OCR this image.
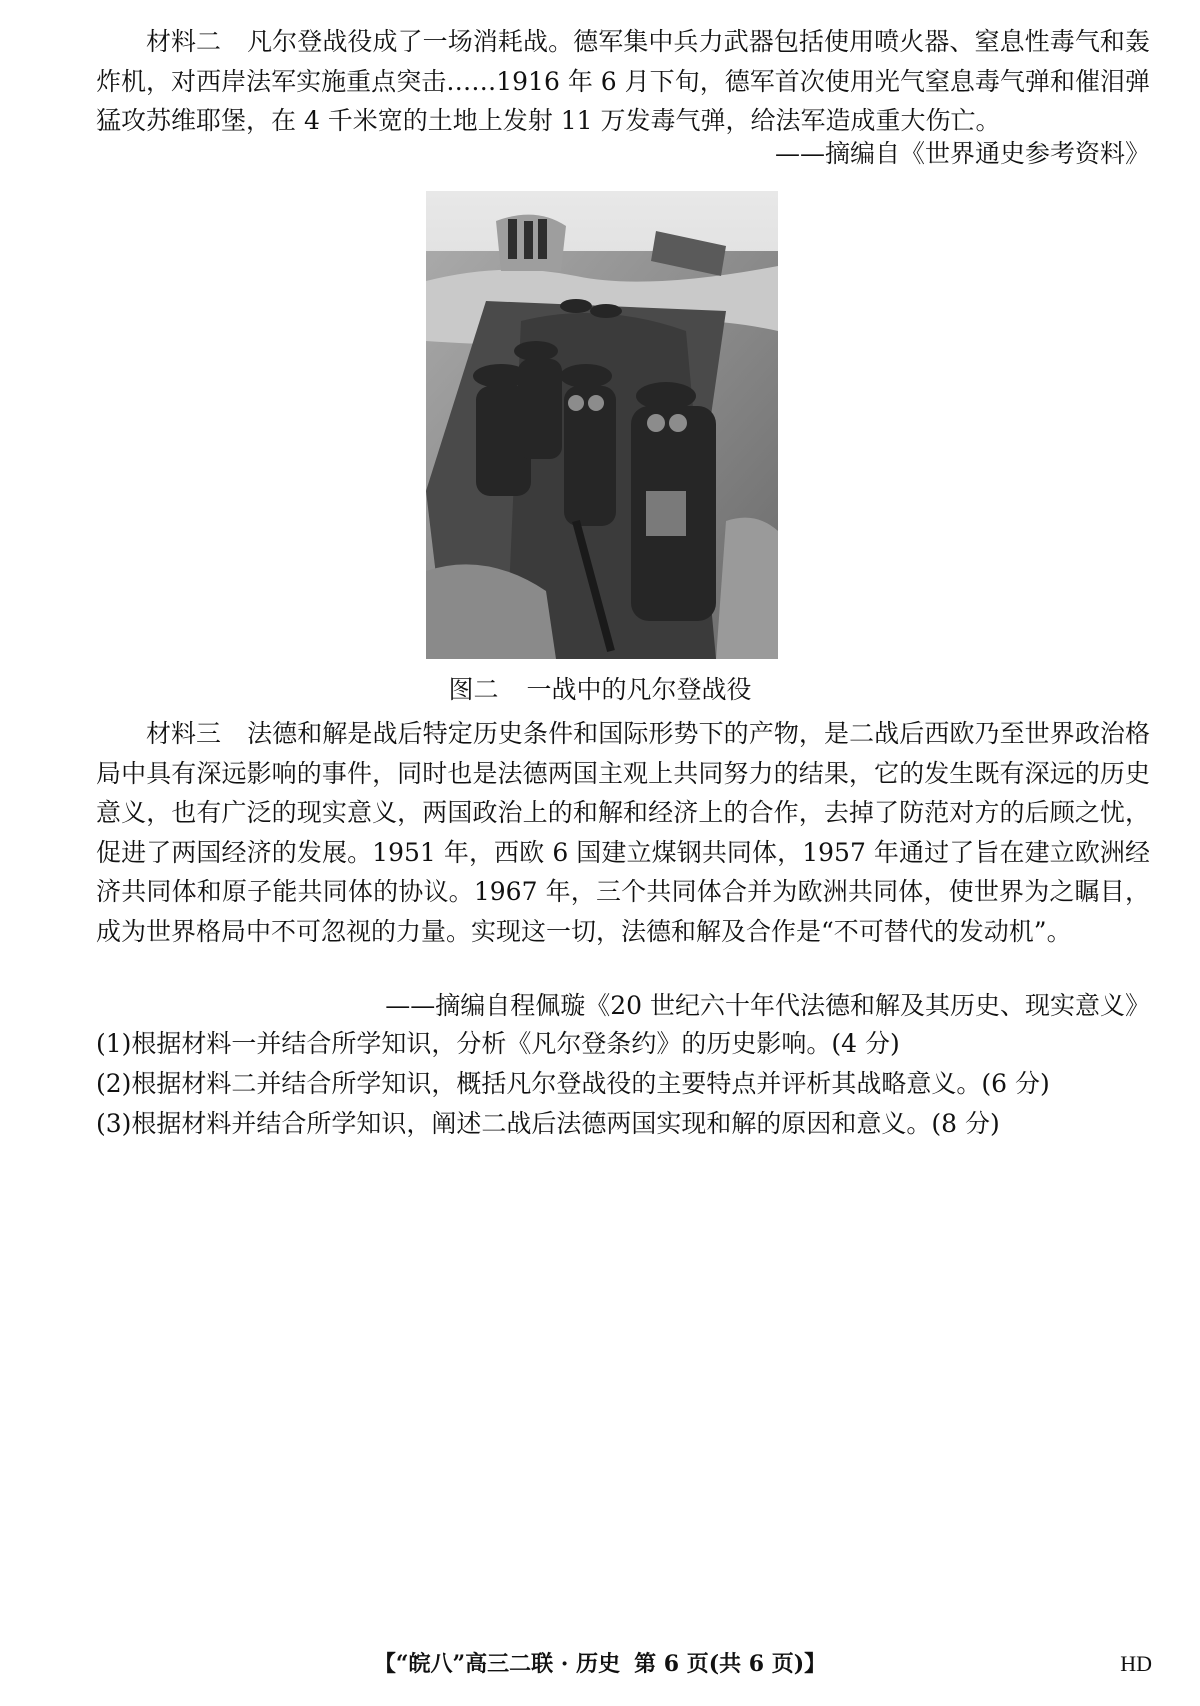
材料二 凡尔登战役成了一场消耗战。德军集中兵力武器包括使用喷火器、窒息性毒气和轰炸机，对西岸法军实施重点突击……1916 年 6 月下旬，德军首次使用光气窒息毒气弹和催泪弹猛攻苏维耶堡，在 4 千米宽的土地上发射 11 万发毒气弹，给法军造成重大伤亡。
——摘编自《世界通史参考资料》
图二 一战中的凡尔登战役
材料三 法德和解是战后特定历史条件和国际形势下的产物，是二战后西欧乃至世界政治格局中具有深远影响的事件，同时也是法德两国主观上共同努力的结果，它的发生既有深远的历史意义，也有广泛的现实意义，两国政治上的和解和经济上的合作，去掉了防范对方的后顾之忧，促进了两国经济的发展。1951 年，西欧 6 国建立煤钢共同体，1957 年通过了旨在建立欧洲经济共同体和原子能共同体的协议。1967 年，三个共同体合并为欧洲共同体，使世界为之瞩目，成为世界格局中不可忽视的力量。实现这一切，法德和解及合作是“不可替代的发动机”。
——摘编自程佩璇《20 世纪六十年代法德和解及其历史、现实意义》
(1)根据材料一并结合所学知识，分析《凡尔登条约》的历史影响。(4 分)
(2)根据材料二并结合所学知识，概括凡尔登战役的主要特点并评析其战略意义。(6 分)
(3)根据材料并结合所学知识，阐述二战后法德两国实现和解的原因和意义。(8 分)
【“皖八”高三二联 · 历史 第 6 页(共 6 页)】	HD
